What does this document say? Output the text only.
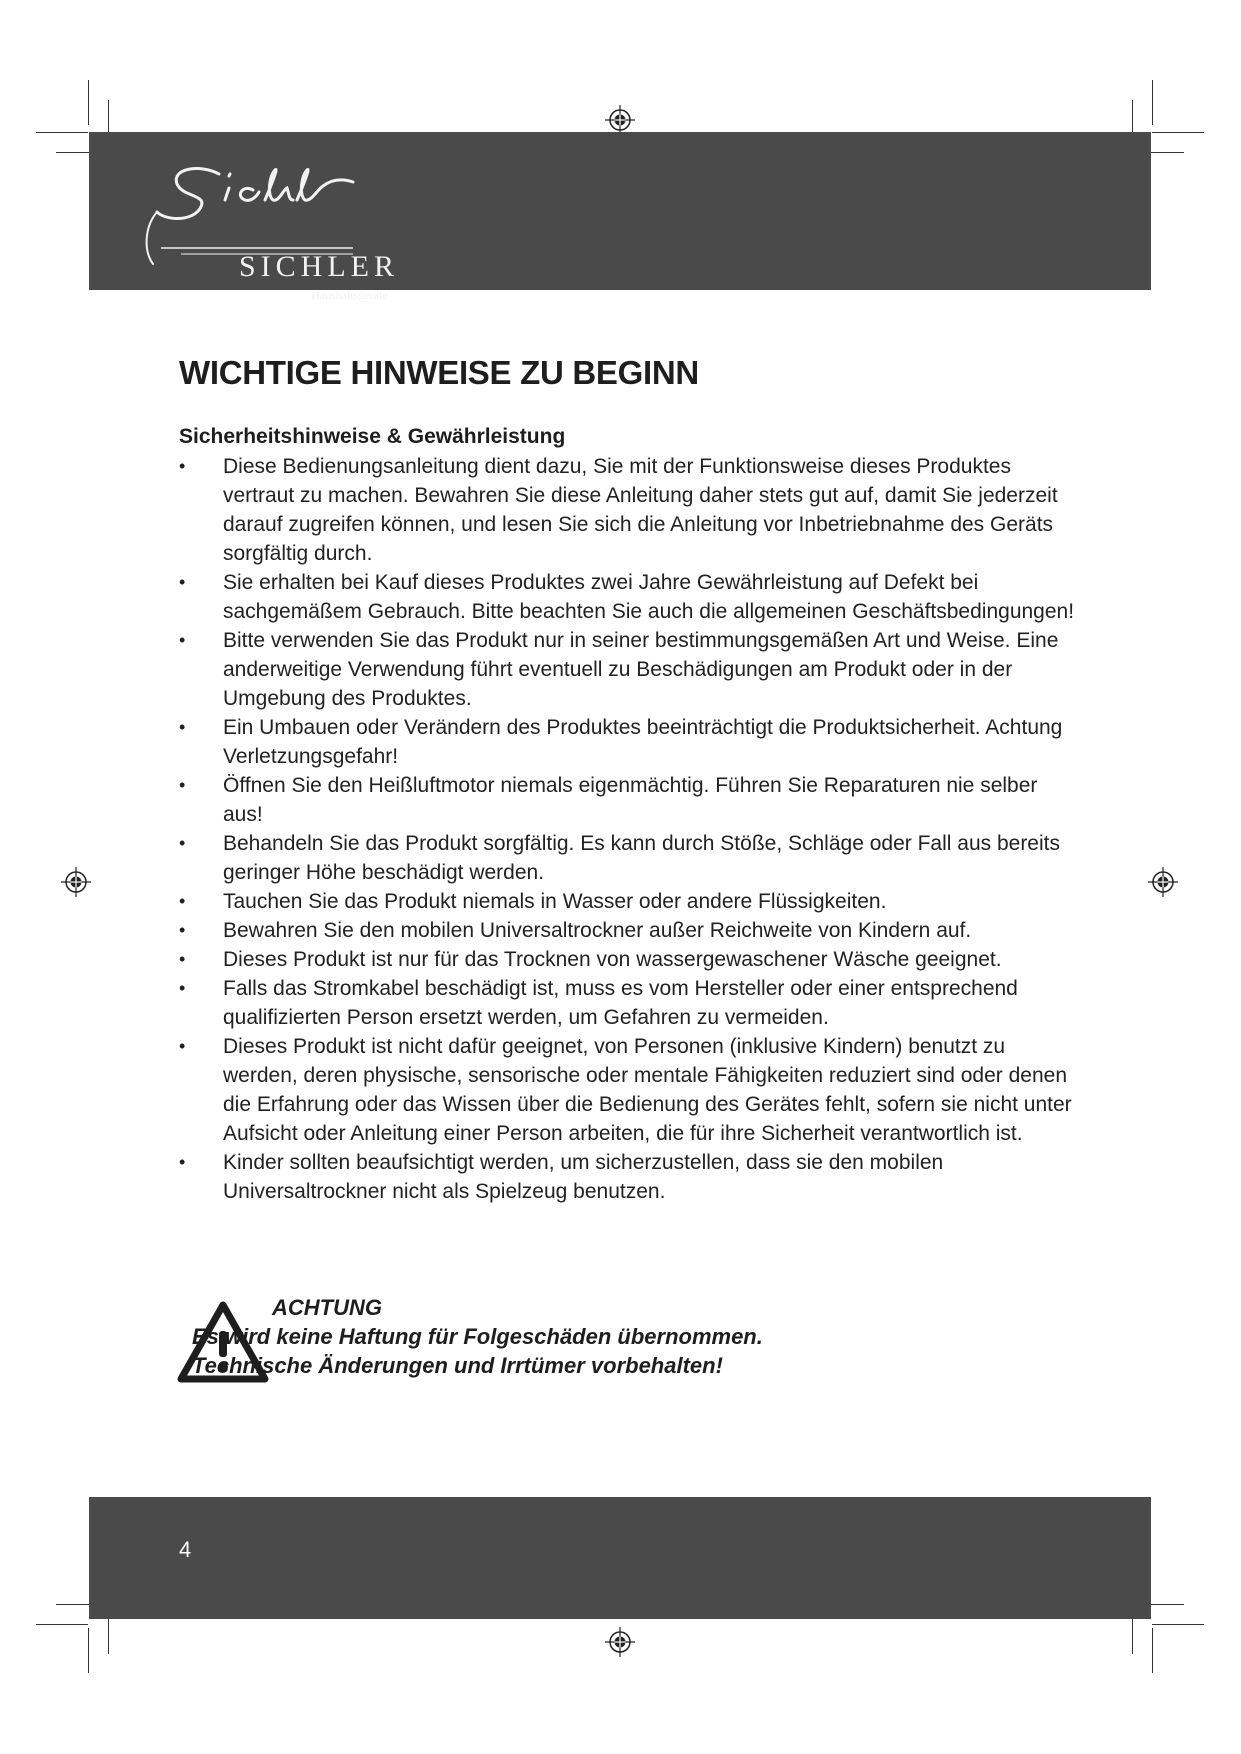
SICHLER
Haushaltsgeräte
WICHTIGE HINWEISE ZU BEGINN
Sicherheitshinweise & Gewährleistung
• Diese Bedienungsanleitung dient dazu, Sie mit der Funktionsweise dieses Produktes vertraut zu machen. Bewahren Sie diese Anleitung daher stets gut auf, damit Sie jederzeit darauf zugreifen können, und lesen Sie sich die Anleitung vor Inbetriebnahme des Geräts sorgfältig durch.
• Sie erhalten bei Kauf dieses Produktes zwei Jahre Gewährleistung auf Defekt bei sachgemäßem Gebrauch. Bitte beachten Sie auch die allgemeinen Geschäftsbedingungen!
• Bitte verwenden Sie das Produkt nur in seiner bestimmungsgemäßen Art und Weise. Eine anderweitige Verwendung führt eventuell zu Beschädigungen am Produkt oder in der Umgebung des Produktes.
• Ein Umbauen oder Verändern des Produktes beeinträchtigt die Produktsicherheit. Achtung Verletzungsgefahr!
• Öffnen Sie den Heißluftmotor niemals eigenmächtig. Führen Sie Reparaturen nie selber aus!
• Behandeln Sie das Produkt sorgfältig. Es kann durch Stöße, Schläge oder Fall aus bereits geringer Höhe beschädigt werden.
• Tauchen Sie das Produkt niemals in Wasser oder andere Flüssigkeiten.
• Bewahren Sie den mobilen Universaltrockner außer Reichweite von Kindern auf.
• Dieses Produkt ist nur für das Trocknen von wassergewaschener Wäsche geeignet.
• Falls das Stromkabel beschädigt ist, muss es vom Hersteller oder einer entsprechend qualifizierten Person ersetzt werden, um Gefahren zu vermeiden.
• Dieses Produkt ist nicht dafür geeignet, von Personen (inklusive Kindern) benutzt zu werden, deren physische, sensorische oder mentale Fähigkeiten reduziert sind oder denen die Erfahrung oder das Wissen über die Bedienung des Gerätes fehlt, sofern sie nicht unter Aufsicht oder Anleitung einer Person arbeiten, die für ihre Sicherheit verantwortlich ist.
• Kinder sollten beaufsichtigt werden, um sicherzustellen, dass sie den mobilen Universaltrockner nicht als Spielzeug benutzen.
ACHTUNG
Es wird keine Haftung für Folgeschäden übernommen.
Technische Änderungen und Irrtümer vorbehalten!
4
